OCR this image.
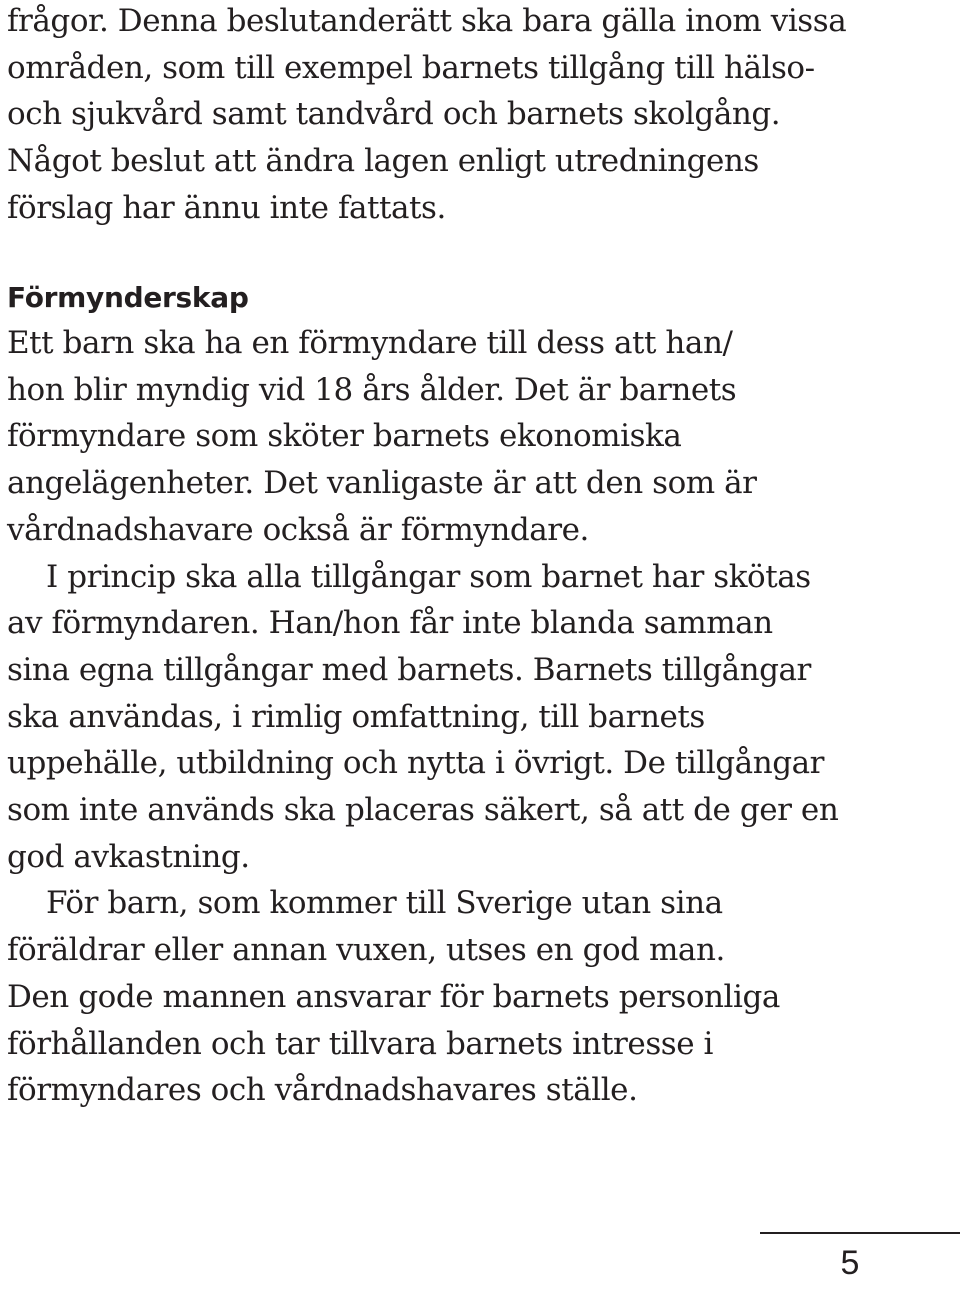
frågor. Denna beslutanderätt ska bara gälla inom vissa
områden, som till exempel barnets tillgång till hälso-
och sjukvård samt tandvård och barnets skolgång.
Något beslut att ändra lagen enligt utredningens
förslag har ännu inte fattats.
Förmynderskap
Ett barn ska ha en förmyndare till dess att han/
hon blir myndig vid 18 års ålder. Det är barnets
förmyndare som sköter barnets ekonomiska
angelägenheter. Det vanligaste är att den som är
vårdnadshavare också är förmyndare.
I princip ska alla tillgångar som barnet har skötas
av förmyndaren. Han/hon får inte blanda samman
sina egna tillgångar med barnets. Barnets tillgångar
ska användas, i rimlig omfattning, till barnets
uppehälle, utbildning och nytta i övrigt. De tillgångar
som inte används ska placeras säkert, så att de ger en
god avkastning.
För barn, som kommer till Sverige utan sina
föräldrar eller annan vuxen, utses en god man.
Den gode mannen ansvarar för barnets personliga
förhållanden och tar tillvara barnets intresse i
förmyndares och vårdnadshavares ställe.
5
